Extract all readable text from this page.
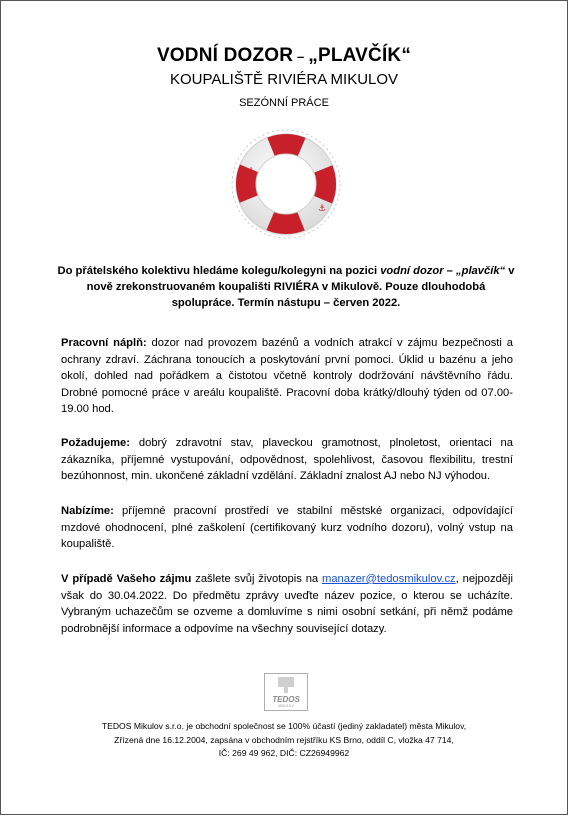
VODNÍ DOZOR – „PLAVČÍK“
KOUPALIŠTĚ RIVIÉRA MIKULOV
SEZÓNNÍ PRÁCE
⚓
⚓
Do přátelského kolektivu hledáme kolegu/kolegyni na pozici vodní dozor – „plavčík“ v nově zrekonstruovaném koupališti RIVIÉRA v Mikulově. Pouze dlouhodobá spolupráce. Termín nástupu – červen 2022.
Pracovní náplň: dozor nad provozem bazénů a vodních atrakcí v zájmu bezpečnosti a ochrany zdraví. Záchrana tonoucích a poskytování první pomoci. Úklid u bazénu a jeho okolí, dohled nad pořádkem a čistotou včetně kontroly dodržování návštěvního řádu. Drobné pomocné práce v areálu koupaliště. Pracovní doba krátký/dlouhý týden od 07.00-19.00 hod.
Požadujeme: dobrý zdravotní stav, plaveckou gramotnost, plnoletost, orientaci na zákazníka, příjemné vystupování, odpovědnost, spolehlivost, časovou flexibilitu, trestní bezúhonnost, min. ukončené základní vzdělání. Základní znalost AJ nebo NJ výhodou.
Nabízíme: příjemné pracovní prostředí ve stabilní městské organizaci, odpovídající mzdové ohodnocení, plné zaškolení (certifikovaný kurz vodního dozoru), volný vstup na koupaliště.
V případě Vašeho zájmu zašlete svůj životopis na manazer@tedosmikulov.cz, nejpozději však do 30.04.2022. Do předmětu zprávy uveďte název pozice, o kterou se ucházíte. Vybraným uchazečům se ozveme a domluvíme s nimi osobní setkání, při němž podáme podrobnější informace a odpovíme na všechny související dotazy.
TEDOS
MIKULOV
TEDOS Mikulov s.r.o. je obchodní společnost se 100% účastí (jediný zakladatel) města Mikulov,
Zřízená dne 16.12.2004, zapsána v obchodním rejstříku KS Brno, oddíl C, vložka 47 714,
IČ: 269 49 962, DIČ: CZ26949962
